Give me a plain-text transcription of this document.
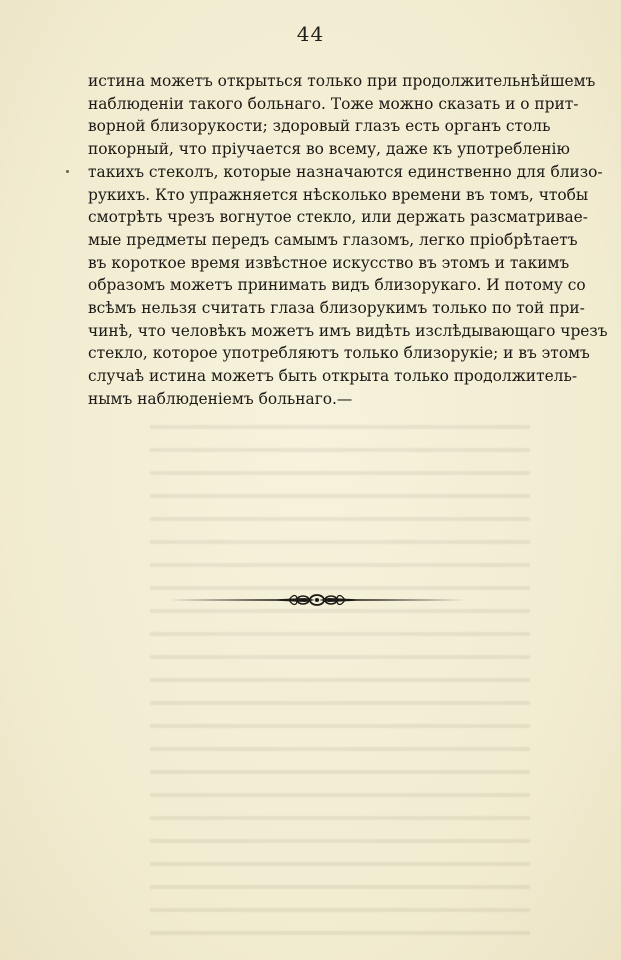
44
истина можетъ открыться только при продолжительнѣйшемъ
наблюденіи такого больнаго. Тоже можно сказать и о прит-
ворной близорукости; здоровый глазъ есть органъ столь
покорный, что пріучается во всему, даже къ употребленію
такихъ стеколъ, которые назначаются единственно для близо-
рукихъ. Кто упражняется нѣсколько времени въ томъ, чтобы
смотрѣть чрезъ вогнутое стекло, или держать разсматривае-
мые предметы передъ самымъ глазомъ, легко пріобрѣтаетъ
въ короткое время извѣстное искусство въ этомъ и такимъ
образомъ можетъ принимать видъ близорукаго. И потому со
всѣмъ нельзя считать глаза близорукимъ только по той при-
чинѣ, что человѣкъ можетъ имъ видѣть изслѣдывающаго чрезъ
стекло, которое употребляютъ только близорукіе; и въ этомъ
случаѣ истина можетъ быть открыта только продолжитель-
нымъ наблюденіемъ больнаго.—
